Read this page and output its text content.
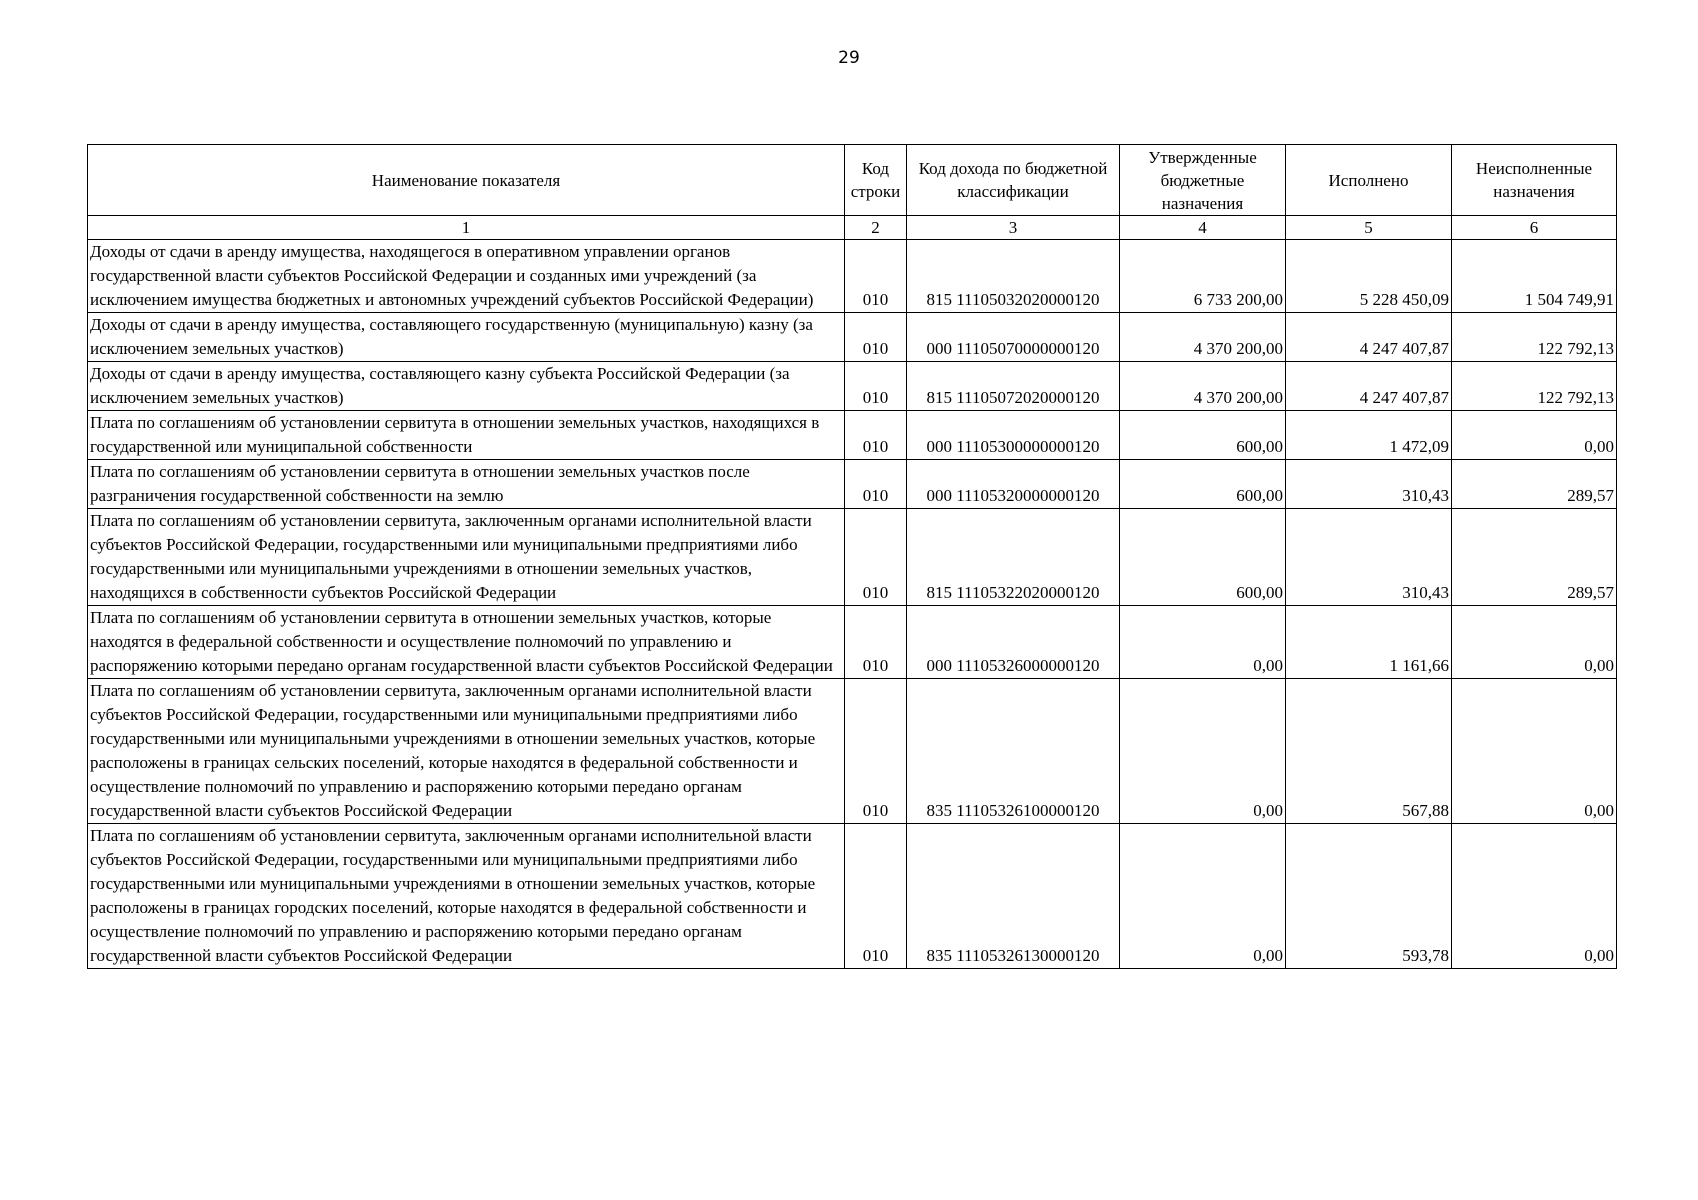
29
Наименование показателя	Код строки	Код дохода по бюджетной классификации	Утвержденные бюджетные назначения	Исполнено	Неисполненные назначения
1	2	3	4	5	6
Доходы от сдачи в аренду имущества, находящегося в оперативном управлении органов государственной власти субъектов Российской Федерации и созданных ими учреждений (за исключением имущества бюджетных и автономных учреждений субъектов Российской Федерации)	010	815 11105032020000120	6 733 200,00	5 228 450,09	1 504 749,91
Доходы от сдачи в аренду имущества, составляющего государственную (муниципальную) казну (за исключением земельных участков)	010	000 11105070000000120	4 370 200,00	4 247 407,87	122 792,13
Доходы от сдачи в аренду имущества, составляющего казну субъекта Российской Федерации (за исключением земельных участков)	010	815 11105072020000120	4 370 200,00	4 247 407,87	122 792,13
Плата по соглашениям об установлении сервитута в отношении земельных участков, находящихся в государственной или муниципальной собственности	010	000 11105300000000120	600,00	1 472,09	0,00
Плата по соглашениям об установлении сервитута в отношении земельных участков после разграничения государственной собственности на землю	010	000 11105320000000120	600,00	310,43	289,57
Плата по соглашениям об установлении сервитута, заключенным органами исполнительной власти субъектов Российской Федерации, государственными или муниципальными предприятиями либо государственными или муниципальными учреждениями в отношении земельных участков, находящихся в собственности субъектов Российской Федерации	010	815 11105322020000120	600,00	310,43	289,57
Плата по соглашениям об установлении сервитута в отношении земельных участков, которые находятся в федеральной собственности и осуществление полномочий по управлению и распоряжению которыми передано органам государственной власти субъектов Российской Федерации	010	000 11105326000000120	0,00	1 161,66	0,00
Плата по соглашениям об установлении сервитута, заключенным органами исполнительной власти субъектов Российской Федерации, государственными или муниципальными предприятиями либо государственными или муниципальными учреждениями в отношении земельных участков, которые расположены в границах сельских поселений, которые находятся в федеральной собственности и осуществление полномочий по управлению и распоряжению которыми передано органам государственной власти субъектов Российской Федерации	010	835 11105326100000120	0,00	567,88	0,00
Плата по соглашениям об установлении сервитута, заключенным органами исполнительной власти субъектов Российской Федерации, государственными или муниципальными предприятиями либо государственными или муниципальными учреждениями в отношении земельных участков, которые расположены в границах городских поселений, которые находятся в федеральной собственности и осуществление полномочий по управлению и распоряжению которыми передано органам государственной власти субъектов Российской Федерации	010	835 11105326130000120	0,00	593,78	0,00
